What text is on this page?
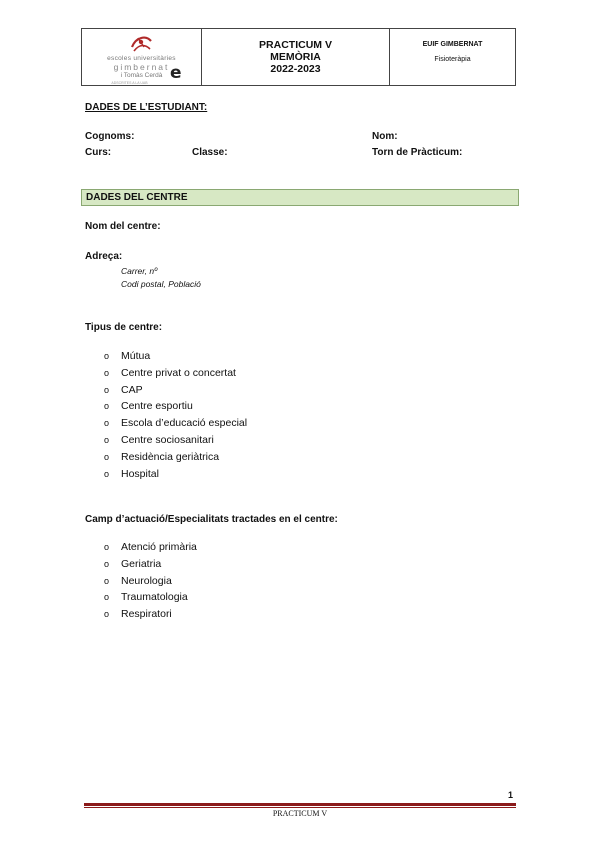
escoles universitàries
gimbernat
i Tomàs Cerdà
ADSCRITES A LA UAB	e
PRACTICUM V
MEMÒRIA
2022-2023
EUIF GIMBERNAT
Fisioteràpia
DADES DE L’ESTUDIANT:
Cognoms:	Nom:
Curs:	Classe:	Torn de Pràcticum:
DADES DEL CENTRE
Nom del centre:
Adreça:
Carrer, nº
Codi postal, Població
Tipus de centre:
o Mútua
o Centre privat o concertat
o CAP
o Centre esportiu
o Escola d’educació especial
o Centre sociosanitari
o Residència geriàtrica
o Hospital
Camp d’actuació/Especialitats tractades en el centre:
o Atenció primària
o Geriatria
o Neurologia
o Traumatologia
o Respiratori
1
PRACTICUM V
